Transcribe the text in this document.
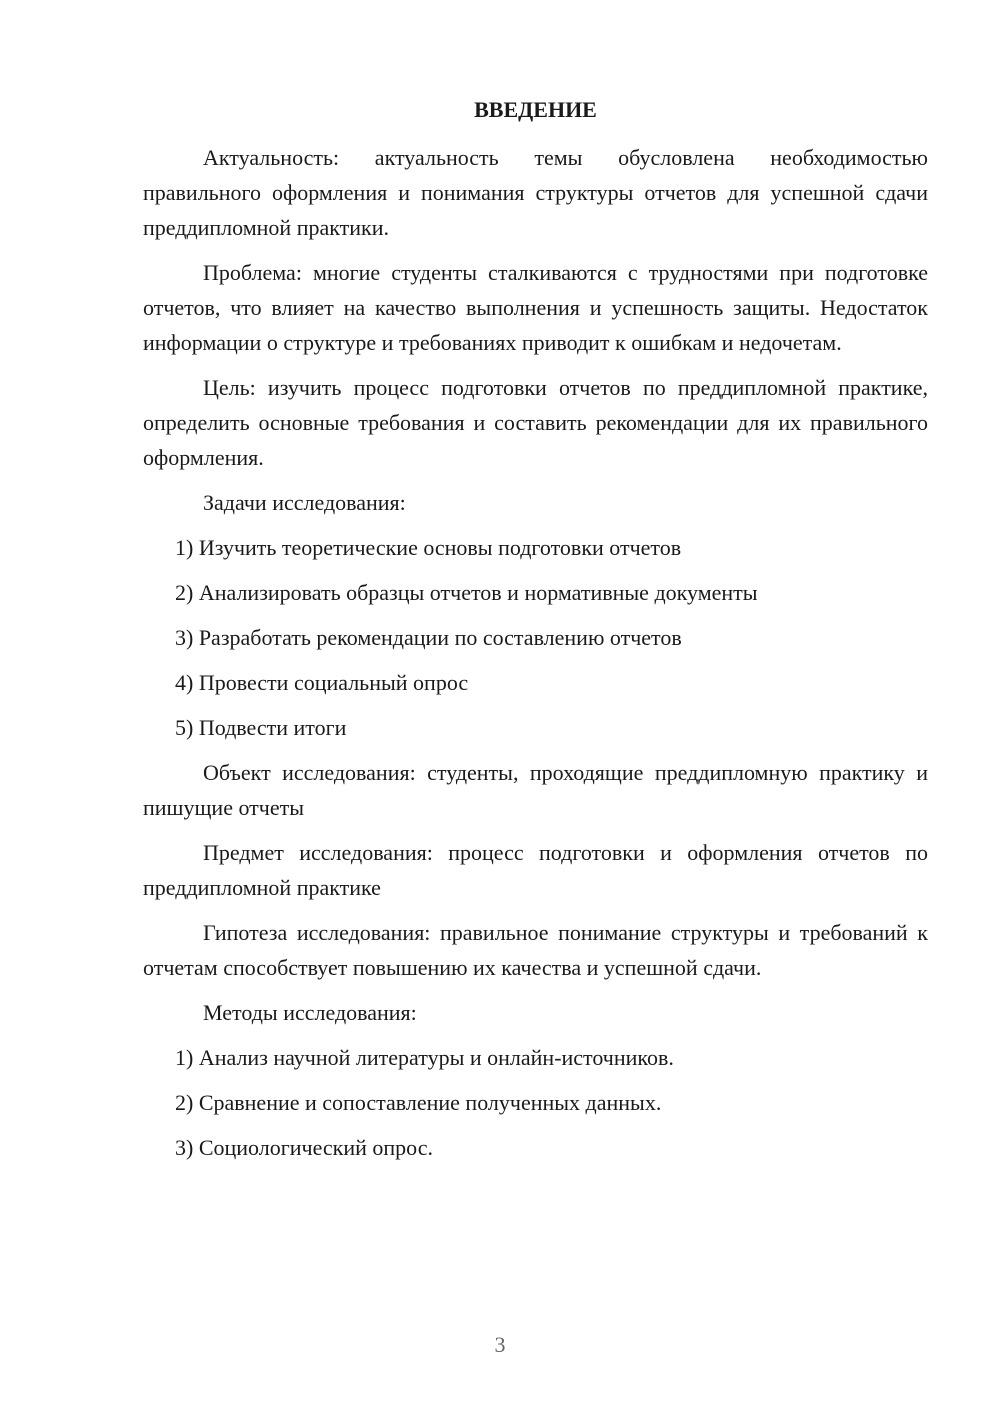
ВВЕДЕНИЕ

Актуальность: актуальность темы обусловлена необходимостью правильного оформления и понимания структуры отчетов для успешной сдачи преддипломной практики.

Проблема: многие студенты сталкиваются с трудностями при подготовке отчетов, что влияет на качество выполнения и успешность защиты. Недостаток информации о структуре и требованиях приводит к ошибкам и недочетам.

Цель: изучить процесс подготовки отчетов по преддипломной практике, определить основные требования и составить рекомендации для их правильного оформления.

Задачи исследования:

1) Изучить теоретические основы подготовки отчетов
2) Анализировать образцы отчетов и нормативные документы
3) Разработать рекомендации по составлению отчетов
4) Провести социальный опрос
5) Подвести итоги

Объект исследования: студенты, проходящие преддипломную практику и пишущие отчеты

Предмет исследования: процесс подготовки и оформления отчетов по преддипломной практике

Гипотеза исследования: правильное понимание структуры и требований к отчетам способствует повышению их качества и успешной сдачи.

Методы исследования:

1) Анализ научной литературы и онлайн-источников.
2) Сравнение и сопоставление полученных данных.
3) Социологический опрос.
3
